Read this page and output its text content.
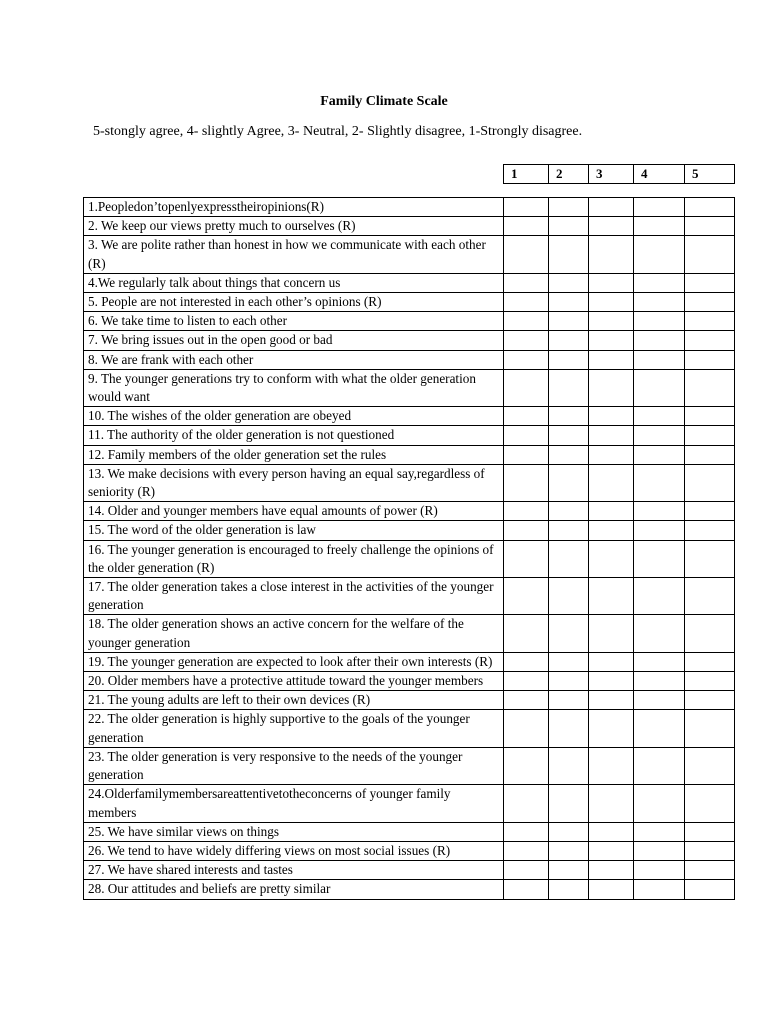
Family Climate Scale
5-stongly agree, 4- slightly Agree, 3- Neutral, 2- Slightly disagree, 1-Strongly disagree.
1	2	3	4	5
1.Peopledon’topenlyexpresstheiropinions(R)					
2. We keep our views pretty much to ourselves (R)					
3. We are polite rather than honest in how we communicate with each other (R)					
4.We regularly talk about things that concern us					
5. People are not interested in each other’s opinions (R)					
6. We take time to listen to each other					
7. We bring issues out in the open good or bad					
8. We are frank with each other					
9. The younger generations try to conform with what the older generation would want					
10. The wishes of the older generation are obeyed					
11. The authority of the older generation is not questioned					
12. Family members of the older generation set the rules					
13. We make decisions with every person having an equal say,regardless of seniority (R)					
14. Older and younger members have equal amounts of power (R)					
15. The word of the older generation is law					
16. The younger generation is encouraged to freely challenge the opinions of the older generation (R)					
17. The older generation takes a close interest in the activities of the younger generation					
18. The older generation shows an active concern for the welfare of the younger generation					
19. The younger generation are expected to look after their own interests (R)					
20. Older members have a protective attitude toward the younger members					
21. The young adults are left to their own devices (R)					
22. The older generation is highly supportive to the goals of the younger generation					
23. The older generation is very responsive to the needs of the younger generation					
24.Olderfamilymembersareattentivetotheconcerns of younger family members					
25. We have similar views on things					
26. We tend to have widely differing views on most social issues (R)					
27. We have shared interests and tastes					
28. Our attitudes and beliefs are pretty similar					
